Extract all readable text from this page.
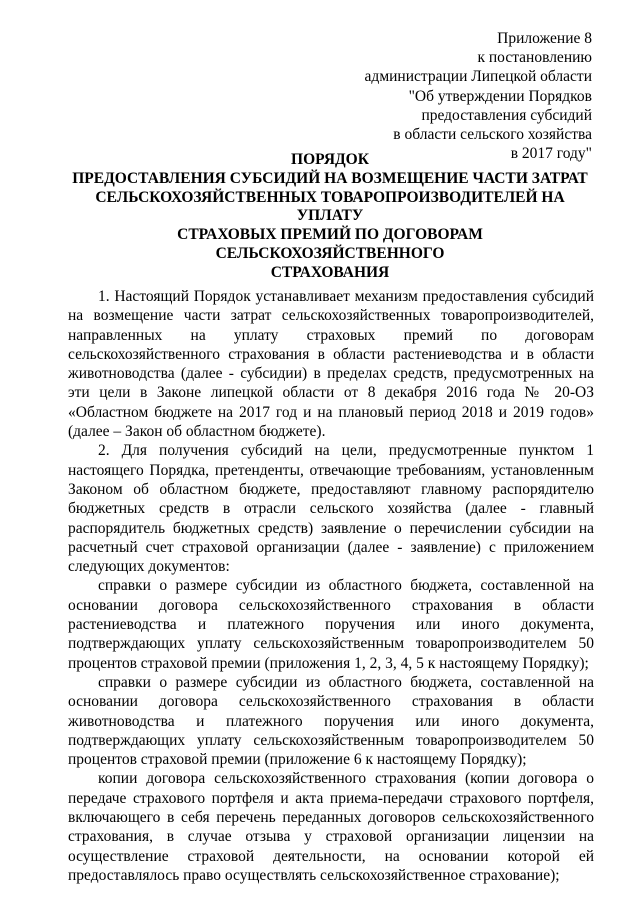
Приложение 8
к постановлению
администрации Липецкой области
"Об утверждении Порядков
предоставления субсидий
в области сельского хозяйства
в 2017 году"
ПОРЯДОК
ПРЕДОСТАВЛЕНИЯ СУБСИДИЙ НА ВОЗМЕЩЕНИЕ ЧАСТИ ЗАТРАТ
СЕЛЬСКОХОЗЯЙСТВЕННЫХ ТОВАРОПРОИЗВОДИТЕЛЕЙ НА
УПЛАТУ
СТРАХОВЫХ ПРЕМИЙ ПО ДОГОВОРАМ
СЕЛЬСКОХОЗЯЙСТВЕННОГО
СТРАХОВАНИЯ

1. Настоящий Порядок устанавливает механизм предоставления субсидий на возмещение части затрат сельскохозяйственных товаропроизводителей, направленных на уплату страховых премий по договорам сельскохозяйственного страхования в области растениеводства и в области животноводства (далее - субсидии) в пределах средств, предусмотренных на эти цели в Законе липецкой области от 8 декабря 2016 года № 20-ОЗ «Областном бюджете на 2017 год и на плановый период 2018 и 2019 годов» (далее – Закон об областном бюджете).

2. Для получения субсидий на цели, предусмотренные пунктом 1 настоящего Порядка, претенденты, отвечающие требованиям, установленным Законом об областном бюджете, предоставляют главному распорядителю бюджетных средств в отрасли сельского хозяйства (далее - главный распорядитель бюджетных средств) заявление о перечислении субсидии на расчетный счет страховой организации (далее - заявление) с приложением следующих документов:

справки о размере субсидии из областного бюджета, составленной на основании договора сельскохозяйственного страхования в области растениеводства и платежного поручения или иного документа, подтверждающих уплату сельскохозяйственным товаропроизводителем 50 процентов страховой премии (приложения 1, 2, 3, 4, 5 к настоящему Порядку);

справки о размере субсидии из областного бюджета, составленной на основании договора сельскохозяйственного страхования в области животноводства и платежного поручения или иного документа, подтверждающих уплату сельскохозяйственным товаропроизводителем 50 процентов страховой премии (приложение 6 к настоящему Порядку);

копии договора сельскохозяйственного страхования (копии договора о передаче страхового портфеля и акта приема-передачи страхового портфеля, включающего в себя перечень переданных договоров сельскохозяйственного страхования, в случае отзыва у страховой организации лицензии на осуществление страховой деятельности, на основании которой ей предоставлялось право осуществлять сельскохозяйственное страхование);
